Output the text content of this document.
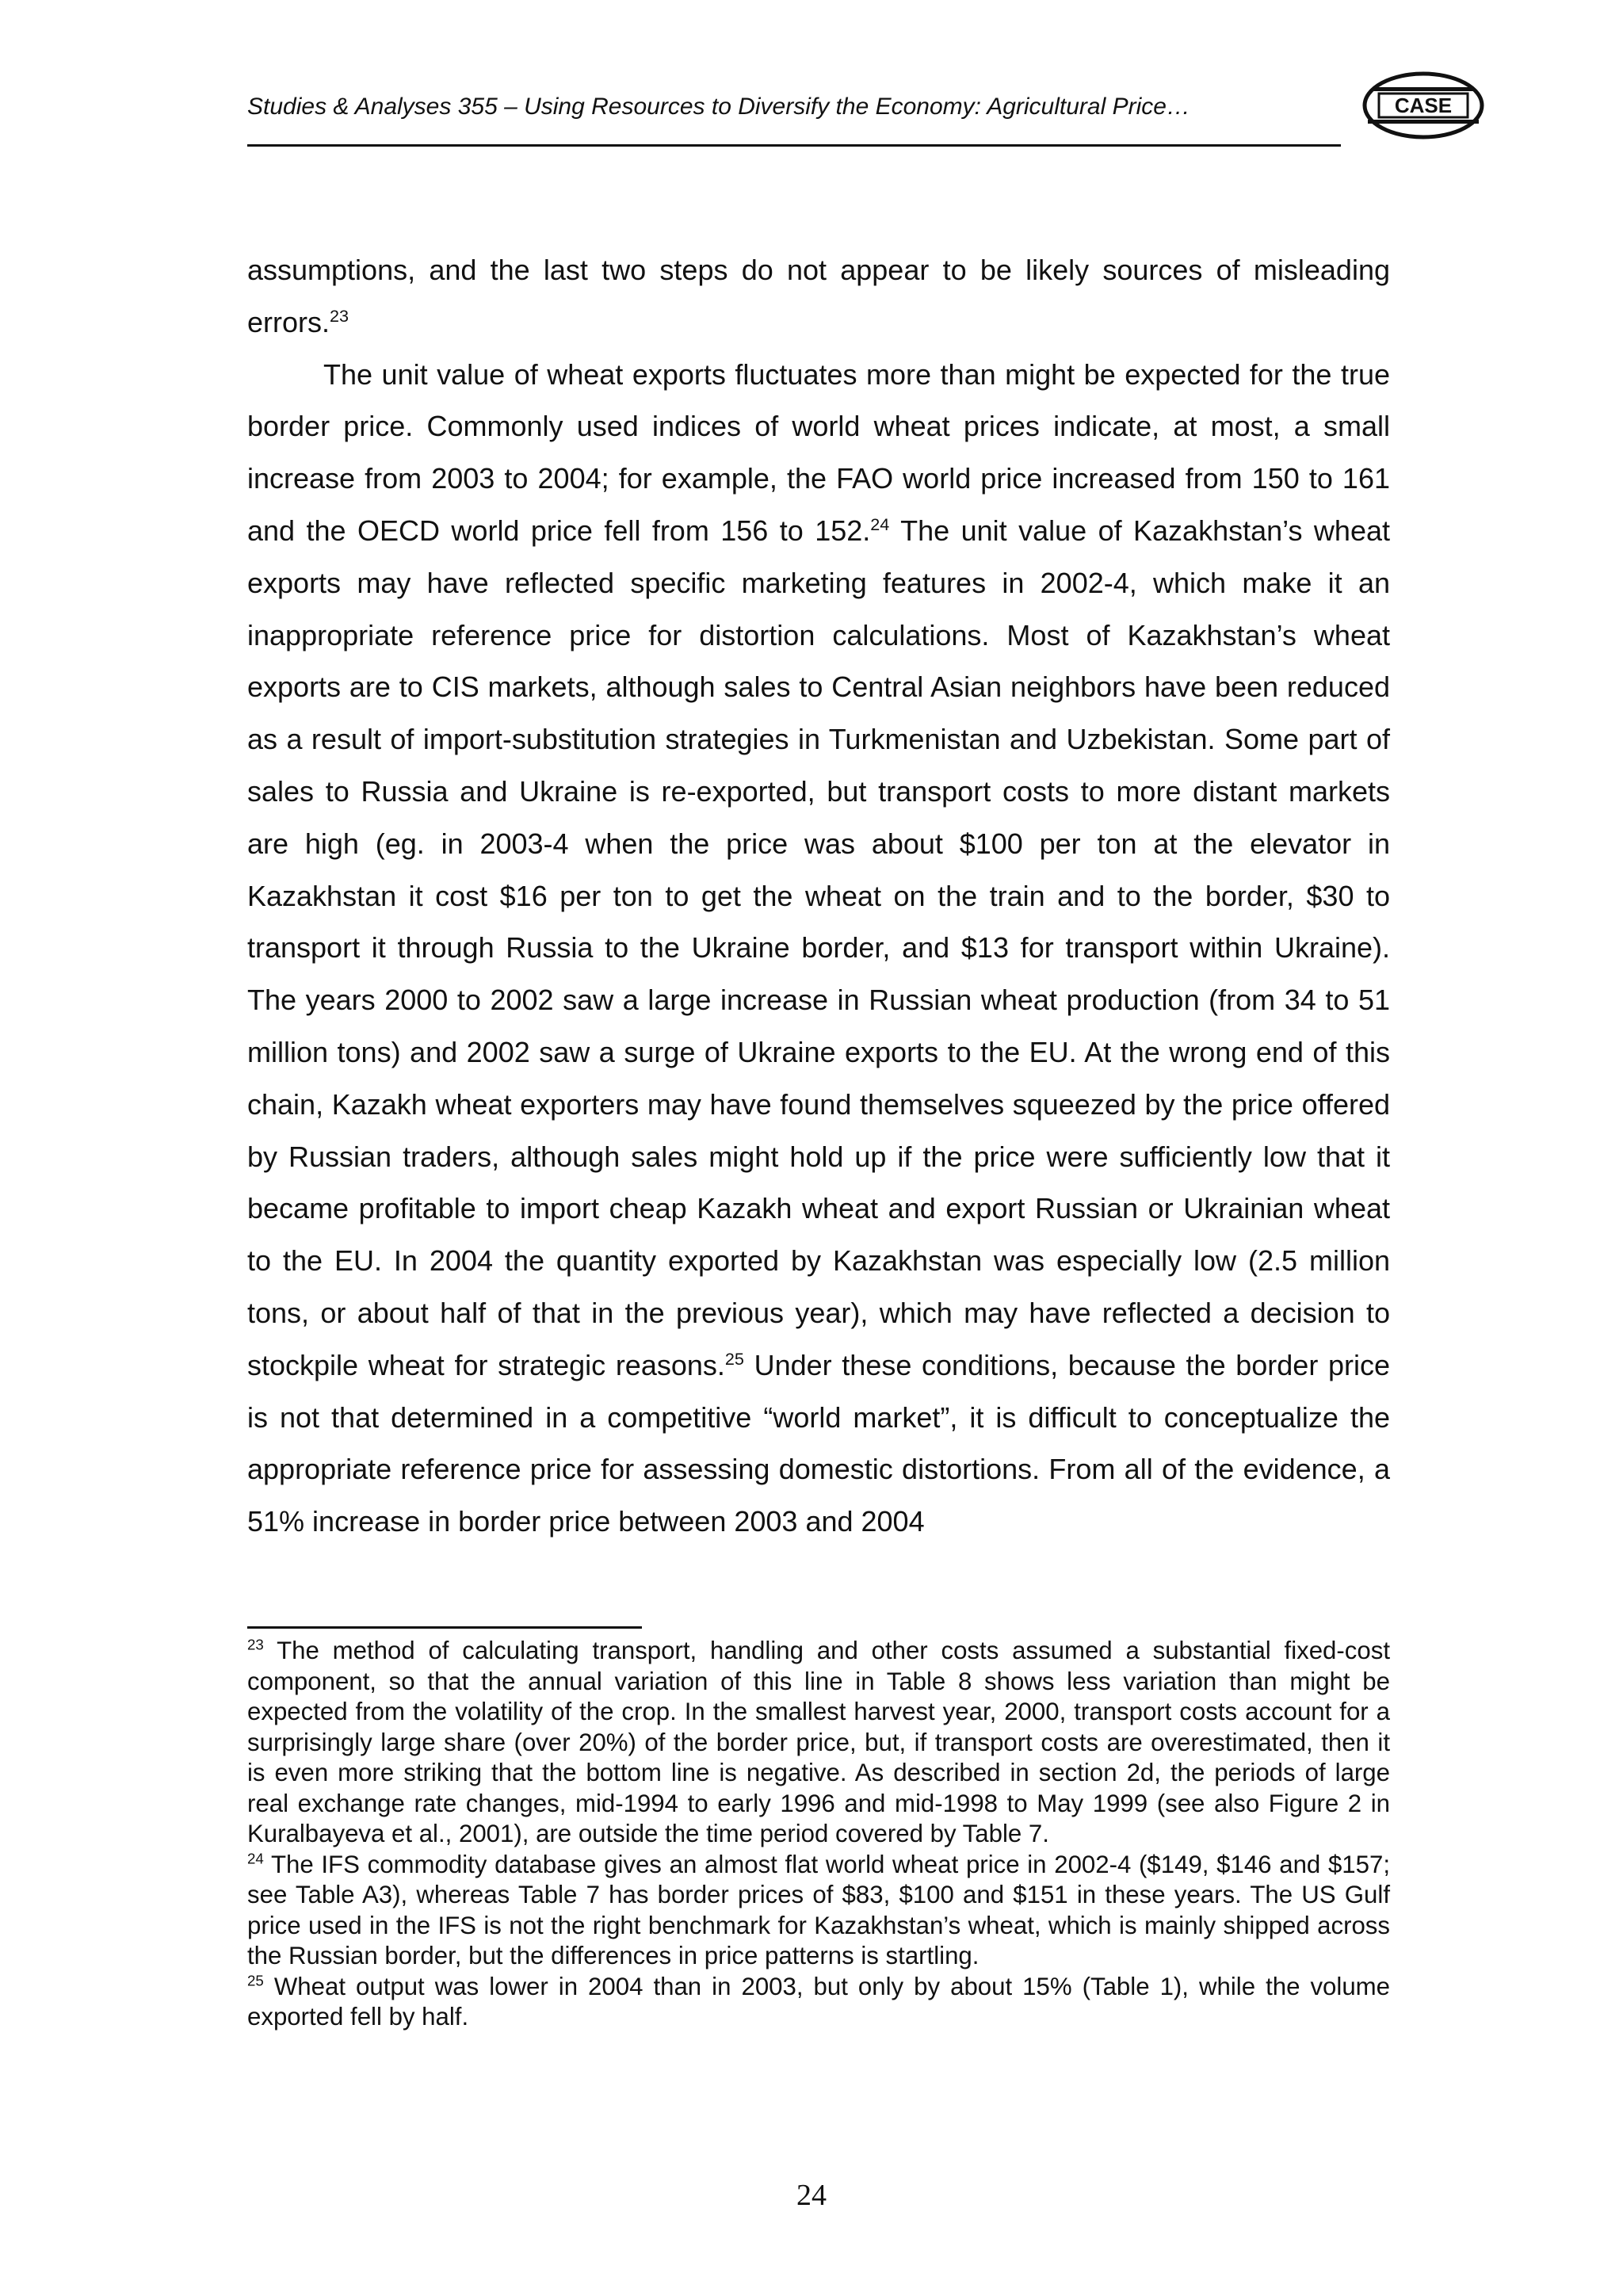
Studies & Analyses 355 – Using Resources to Diversify the Economy: Agricultural Price…	CASE

assumptions, and the last two steps do not appear to be likely sources of misleading errors.$^{23}$

The unit value of wheat exports fluctuates more than might be expected for the true border price. Commonly used indices of world wheat prices indicate, at most, a small increase from 2003 to 2004; for example, the FAO world price increased from 150 to 161 and the OECD world price fell from 156 to 152.24 The unit value of Kazakhstan’s wheat exports may have reflected specific marketing features in 2002-4, which make it an inappropriate reference price for distortion calculations. Most of Kazakhstan’s wheat exports are to CIS markets, although sales to Central Asian neighbors have been reduced as a result of import-substitution strategies in Turkmenistan and Uzbekistan. Some part of sales to Russia and Ukraine is re-exported, but transport costs to more distant markets are high (eg. in 2003-4 when the price was about $100 per ton at the elevator in Kazakhstan it cost $16 per ton to get the wheat on the train and to the border, $30 to transport it through Russia to the Ukraine border, and $13 for transport within Ukraine). The years 2000 to 2002 saw a large increase in Russian wheat production (from 34 to 51 million tons) and 2002 saw a surge of Ukraine exports to the EU. At the wrong end of this chain, Kazakh wheat exporters may have found themselves squeezed by the price offered by Russian traders, although sales might hold up if the price were sufficiently low that it became profitable to import cheap Kazakh wheat and export Russian or Ukrainian wheat to the EU. In 2004 the quantity exported by Kazakhstan was especially low (2.5 million tons, or about half of that in the previous year), which may have reflected a decision to stockpile wheat for strategic reasons.$^{25}$ Under these conditions, because the border price is not that determined in a competitive “world market”, it is difficult to conceptualize the appropriate reference price for assessing domestic distortions. From all of the evidence, a 51% increase in border price between 2003 and 2004

$^{23}$ The method of calculating transport, handling and other costs assumed a substantial fixed-cost component, so that the annual variation of this line in Table 8 shows less variation than might be expected from the volatility of the crop. In the smallest harvest year, 2000, transport costs account for a surprisingly large share (over 20%) of the border price, but, if transport costs are overestimated, then it is even more striking that the bottom line is negative. As described in section 2d, the periods of large real exchange rate changes, mid-1994 to early 1996 and mid-1998 to May 1999 (see also Figure 2 in Kuralbayeva et al., 2001), are outside the time period covered by Table 7.

$^{24}$ The IFS commodity database gives an almost flat world wheat price in 2002-4 ($149, $146 and $157; see Table A3), whereas Table 7 has border prices of $83, $100 and $151 in these years. The US Gulf price used in the IFS is not the right benchmark for Kazakhstan’s wheat, which is mainly shipped across the Russian border, but the differences in price patterns is startling.

$^{25}$ Wheat output was lower in 2004 than in 2003, but only by about 15% (Table 1), while the volume exported fell by half.

24
